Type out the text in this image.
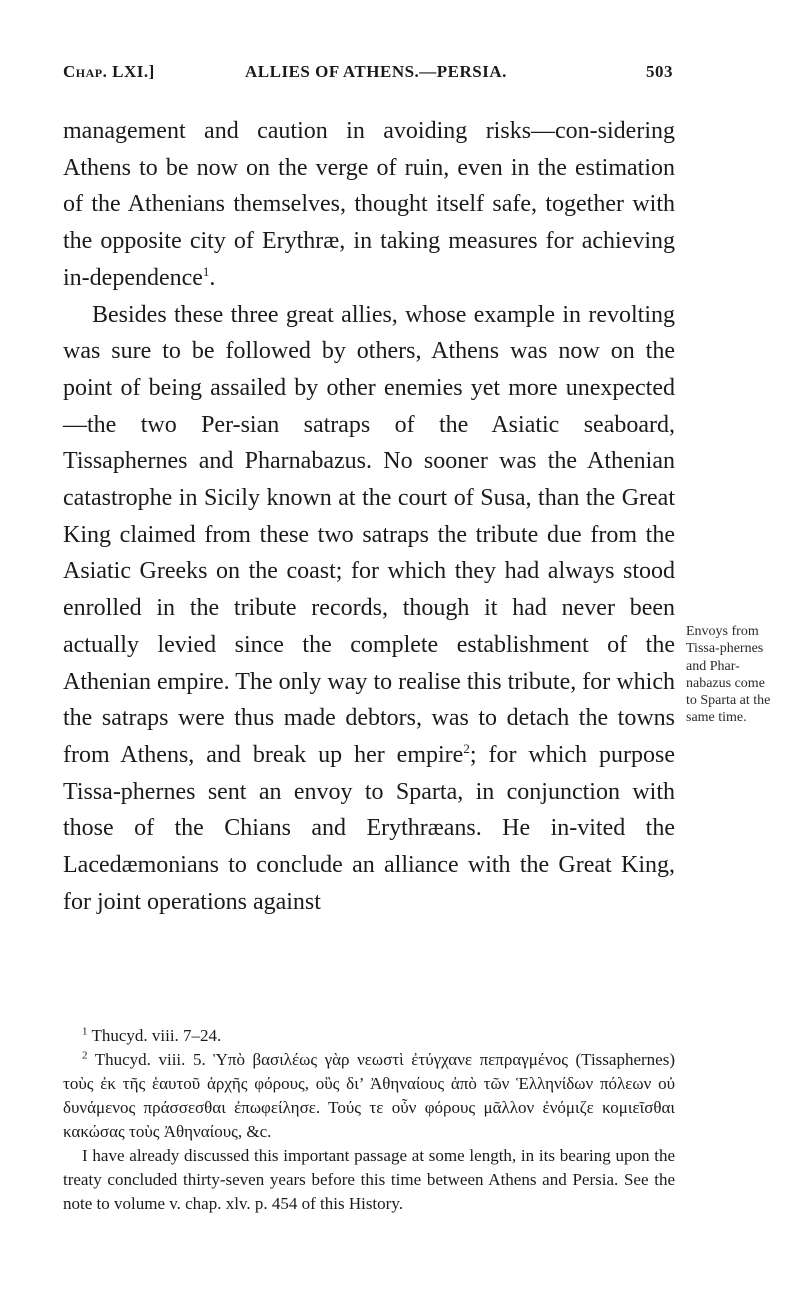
Chap. LXI.]	ALLIES OF ATHENS.—PERSIA.	503

management and caution in avoiding risks—con-sidering Athens to be now on the verge of ruin, even in the estimation of the Athenians themselves, thought itself safe, together with the opposite city of Erythræ, in taking measures for achieving in-dependence$^1$.

Besides these three great allies, whose example in revolting was sure to be followed by others, Athens was now on the point of being assailed by other enemies yet more unexpected—the two Per-sian satraps of the Asiatic seaboard, Tissaphernes and Pharnabazus. No sooner was the Athenian catastrophe in Sicily known at the court of Susa, than the Great King claimed from these two satraps the tribute due from the Asiatic Greeks on the coast; for which they had always stood enrolled in the tribute records, though it had never been actually levied since the complete establishment of the Athenian empire. The only way to realise this tribute, for which the satraps were thus made debtors, was to detach the towns from Athens, and break up her empire$^2$; for which purpose Tissa-phernes sent an envoy to Sparta, in conjunction with those of the Chians and Erythræans. He in-vited the Lacedæmonians to conclude an alliance with the Great King, for joint operations against

Envoys from Tissa-phernes and Phar-nabazus come to Sparta at the same time.

$^1$ Thucyd. viii. 7–24.

$^2$ Thucyd. viii. 5. Ὑπὸ βασιλέως γὰρ νεωστὶ ἐτύγχανε πεπραγμένος (Tissaphernes) τοὺς ἐκ τῆς ἑαυτοῦ ἀρχῆς φόρους, οὓς δι’ Ἀθηναίους ἀπὸ τῶν Ἑλληνίδων πόλεων οὐ δυνάμενος πράσσεσθαι ἐπωφείλησε. Τούς τε οὖν φόρους μᾶλλον ἐνόμιζε κομιεῖσθαι κακώσας τοὺς Ἀθηναίους, &c.

I have already discussed this important passage at some length, in its bearing upon the treaty concluded thirty-seven years before this time between Athens and Persia. See the note to volume v. chap. xlv. p. 454 of this History.
